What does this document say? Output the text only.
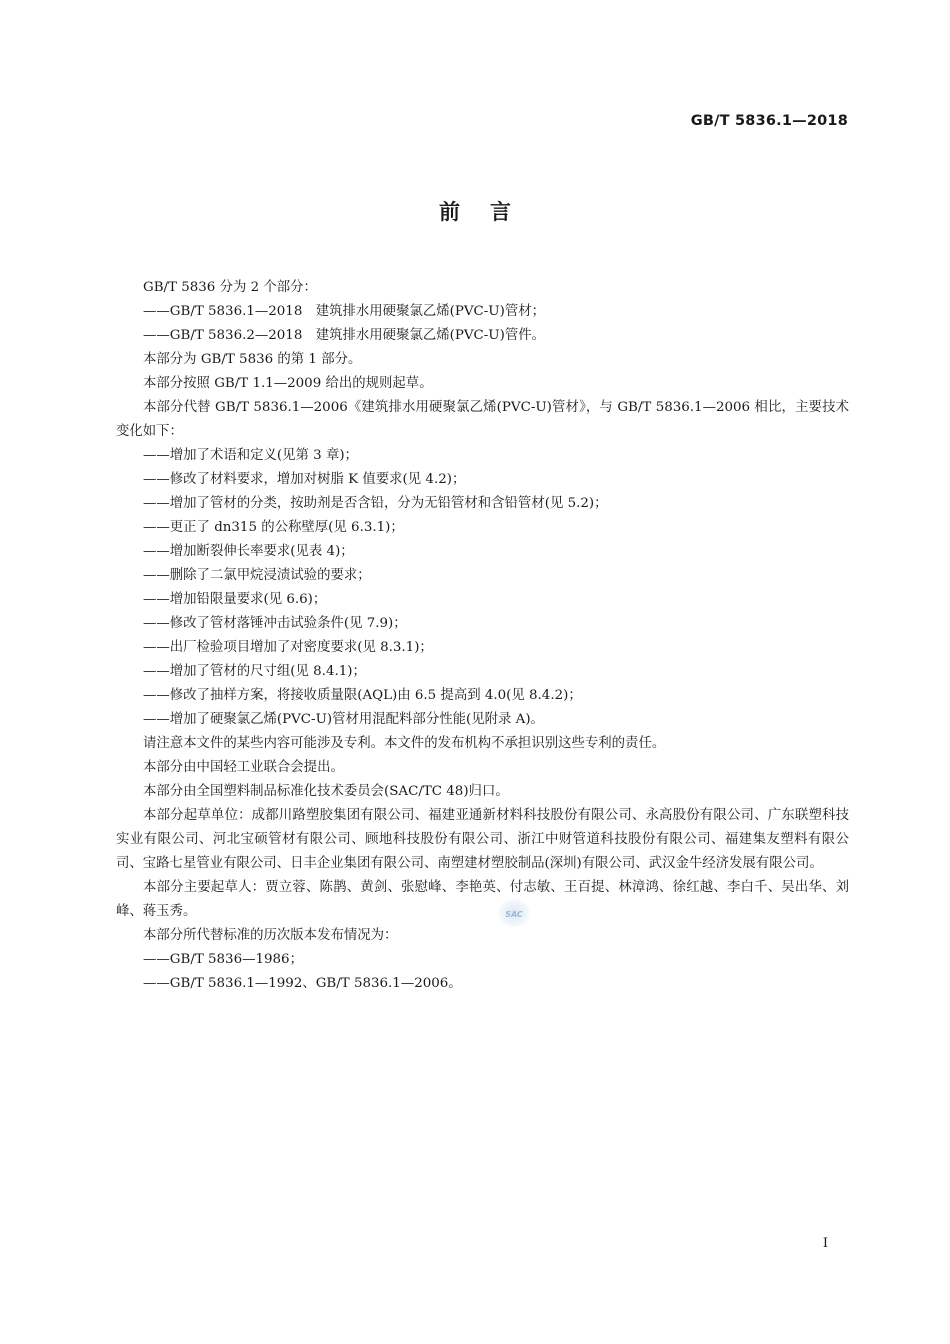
GB/T 5836.1—2018

前言

GB/T 5836 分为 2 个部分：

——GB/T 5836.1—2018　建筑排水用硬聚氯乙烯(PVC-U)管材；

——GB/T 5836.2—2018　建筑排水用硬聚氯乙烯(PVC-U)管件。

本部分为 GB/T 5836 的第 1 部分。

本部分按照 GB/T 1.1—2009 给出的规则起草。

本部分代替 GB/T 5836.1—2006《建筑排水用硬聚氯乙烯(PVC-U)管材》，与 GB/T 5836.1—2006 相比，主要技术变化如下：

——增加了术语和定义(见第 3 章)；

——修改了材料要求，增加对树脂 K 值要求(见 4.2)；

——增加了管材的分类，按助剂是否含铅，分为无铅管材和含铅管材(见 5.2)；

——更正了 dn315 的公称壁厚(见 6.3.1)；

——增加断裂伸长率要求(见表 4)；

——删除了二氯甲烷浸渍试验的要求；

——增加铅限量要求(见 6.6)；

——修改了管材落锤冲击试验条件(见 7.9)；

——出厂检验项目增加了对密度要求(见 8.3.1)；

——增加了管材的尺寸组(见 8.4.1)；

——修改了抽样方案，将接收质量限(AQL)由 6.5 提高到 4.0(见 8.4.2)；

——增加了硬聚氯乙烯(PVC-U)管材用混配料部分性能(见附录 A)。

请注意本文件的某些内容可能涉及专利。本文件的发布机构不承担识别这些专利的责任。

本部分由中国轻工业联合会提出。

本部分由全国塑料制品标准化技术委员会(SAC/TC 48)归口。

本部分起草单位：成都川路塑胶集团有限公司、福建亚通新材料科技股份有限公司、永高股份有限公司、广东联塑科技实业有限公司、河北宝硕管材有限公司、顾地科技股份有限公司、浙江中财管道科技股份有限公司、福建集友塑料有限公司、宝路七星管业有限公司、日丰企业集团有限公司、南塑建材塑胶制品(深圳)有限公司、武汉金牛经济发展有限公司。

本部分主要起草人：贾立蓉、陈鹊、黄剑、张慰峰、李艳英、付志敏、王百提、林漳鸿、徐红越、李白千、吴出华、刘峰、蒋玉秀。

本部分所代替标准的历次版本发布情况为：

——GB/T 5836—1986；

——GB/T 5836.1—1992、GB/T 5836.1—2006。

SAC

I
